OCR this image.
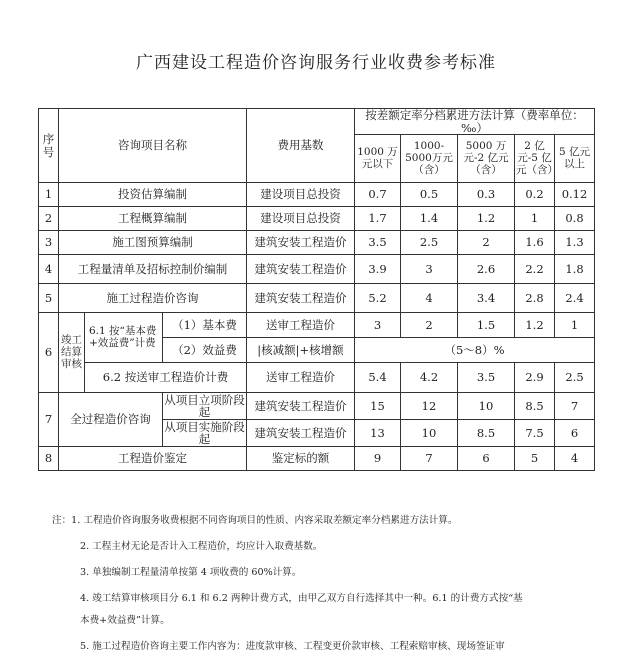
广西建设工程造价咨询服务行业收费参考标准
序号	咨询项目名称			费用基数	按差额定率分档累进方法计算（费率单位：‰）				
					1000 万元以下	1000-5000万元（含）	5000 万元-2 亿元（含）	2 亿元-5 亿元（含）	5 亿元以上
1	投资估算编制			建设项目总投资	0.7	0.5	0.3	0.2	0.12
2	工程概算编制			建设项目总投资	1.7	1.4	1.2	1	0.8
3	施工图预算编制			建筑安装工程造价	3.5	2.5	2	1.6	1.3
4	工程量清单及招标控制价编制			建筑安装工程造价	3.9	3	2.6	2.2	1.8
5	施工过程造价咨询			建筑安装工程造价	5.2	4	3.4	2.8	2.4
6	竣工结算审核	6.1 按“基本费+效益费”计费	（1）基本费	送审工程造价	3	2	1.5	1.2	1
			（2）效益费	|核减额|+核增额	（5～8）%				
		6.2 按送审工程造价计费		送审工程造价	5.4	4.2	3.5	2.9	2.5
7	全过程造价咨询		从项目立项阶段起	建筑安装工程造价	15	12	10	8.5	7
			从项目实施阶段起	建筑安装工程造价	13	10	8.5	7.5	6
8	工程造价鉴定			鉴定标的额	9	7	6	5	4
注：1. 工程造价咨询服务收费根据不同咨询项目的性质、内容采取差额定率分档累进方法计算。
2. 工程主材无论是否计入工程造价，均应计入取费基数。
3. 单独编制工程量清单按第 4 项收费的 60%计算。
4. 竣工结算审核项目分 6.1 和 6.2 两种计费方式，由甲乙双方自行选择其中一种。6.1 的计费方式按“基
本费+效益费”计算。
5. 施工过程造价咨询主要工作内容为：进度款审核、工程变更价款审核、工程索赔审核、现场签证审
